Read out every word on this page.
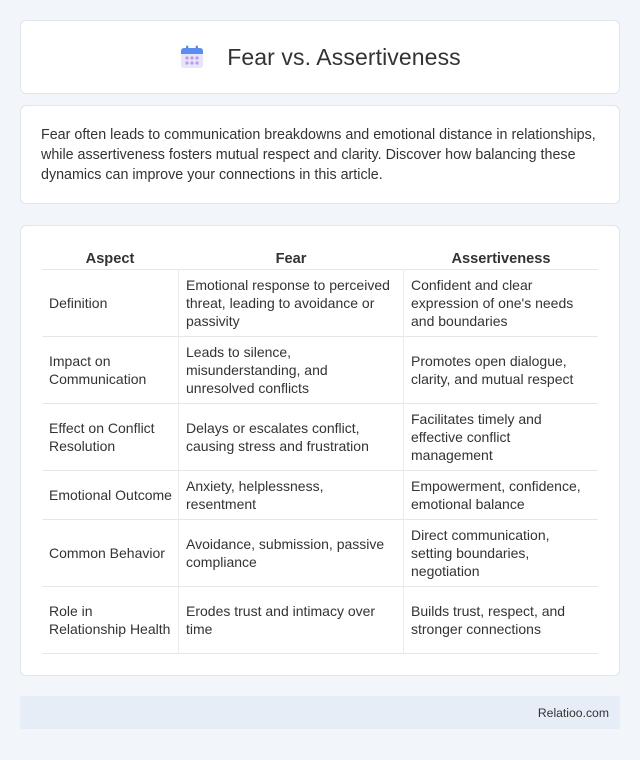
Fear vs. Assertiveness

Fear often leads to communication breakdowns and emotional distance in relationships, while assertiveness fosters mutual respect and clarity. Discover how balancing these dynamics can improve your connections in this article.

Aspect	Fear	Assertiveness
Definition	Emotional response to perceived threat, leading to avoidance or passivity	Confident and clear expression of one's needs and boundaries
Impact on Communication	Leads to silence, misunderstanding, and unresolved conflicts	Promotes open dialogue, clarity, and mutual respect
Effect on Conflict Resolution	Delays or escalates conflict, causing stress and frustration	Facilitates timely and effective conflict management
Emotional Outcome	Anxiety, helplessness, resentment	Empowerment, confidence, emotional balance
Common Behavior	Avoidance, submission, passive compliance	Direct communication, setting boundaries, negotiation
Role in Relationship Health	Erodes trust and intimacy over time	Builds trust, respect, and stronger connections
Relatioo.com
